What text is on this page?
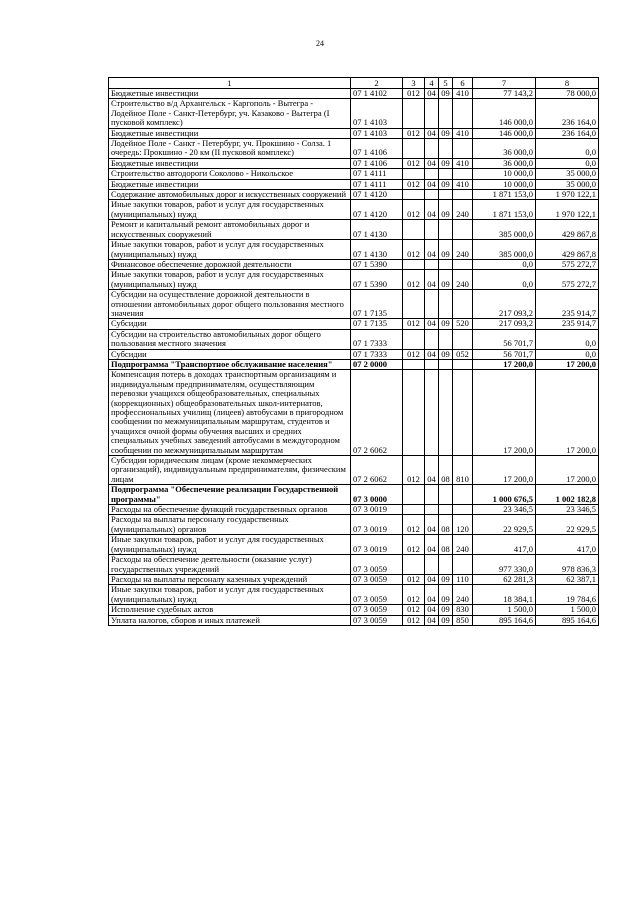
24
1	2	3	4	5	6	7	8
Бюджетные инвестиции	07 1 4102	012	04	09	410	77 143,2	78 000,0
Строительство в/д Архангельск - Каргополь - Вытегра - Лодейное Поле - Санкт-Петербург, уч. Казаково - Вытегра (I пусковой комплекс)	07 1 4103					146 000,0	236 164,0
Бюджетные инвестиции	07 1 4103	012	04	09	410	146 000,0	236 164,0
Лодейное Поле - Санкт - Петербург, уч. Прокшино - Солза. 1 очередь: Прокшино - 20 км (II пусковой комплекс)	07 1 4106					36 000,0	0,0
Бюджетные инвестиции	07 1 4106	012	04	09	410	36 000,0	0,0
Строительство автодороги Соколово - Никольское	07 1 4111					10 000,0	35 000,0
Бюджетные инвестиции	07 1 4111	012	04	09	410	10 000,0	35 000,0
Содержание автомобильных дорог и искусственных сооружений	07 1 4120					1 871 153,0	1 970 122,1
Иные закупки товаров, работ и услуг для государственных (муниципальных) нужд	07 1 4120	012	04	09	240	1 871 153,0	1 970 122,1
Ремонт и капитальный ремонт автомобильных дорог и искусственных сооружений	07 1 4130					385 000,0	429 867,8
Иные закупки товаров, работ и услуг для государственных (муниципальных) нужд	07 1 4130	012	04	09	240	385 000,0	429 867,8
Финансовое обеспечение дорожной деятельности	07 1 5390					0,0	575 272,7
Иные закупки товаров, работ и услуг для государственных (муниципальных) нужд	07 1 5390	012	04	09	240	0,0	575 272,7
Субсидии на осуществление дорожной деятельности в отношении автомобильных дорог общего пользования местного значения	07 1 7135					217 093,2	235 914,7
Субсидии	07 1 7135	012	04	09	520	217 093,2	235 914,7
Субсидии на строительство автомобильных дорог общего пользования местного значения	07 1 7333					56 701,7	0,0
Субсидии	07 1 7333	012	04	09	052	56 701,7	0,0
Подпрограмма "Транспортное обслуживание населения"	07 2 0000					17 200,0	17 200,0
Компенсация потерь в доходах транспортным организациям и индивидуальным предпринимателям, осуществляющим перевозки учащихся общеобразовательных, специальных (коррекционных) общеобразовательных школ-интернатов, профессиональных училищ (лицеев) автобусами в пригородном сообщении по межмуниципальным маршрутам, студентов и учащихся очной формы обучения высших и средних специальных учебных заведений автобусами в междугородном сообщении по межмуниципальным маршрутам	07 2 6062					17 200,0	17 200,0
Субсидии юридическим лицам (кроме некоммерческих организаций), индивидуальным предпринимателям, физическим лицам	07 2 6062	012	04	08	810	17 200,0	17 200,0
Подпрограмма "Обеспечение реализации Государственной программы"	07 3 0000					1 000 676,5	1 002 182,8
Расходы на обеспечение функций государственных органов	07 3 0019					23 346,5	23 346,5
Расходы на выплаты персоналу государственных (муниципальных) органов	07 3 0019	012	04	08	120	22 929,5	22 929,5
Иные закупки товаров, работ и услуг для государственных (муниципальных) нужд	07 3 0019	012	04	08	240	417,0	417,0
Расходы на обеспечение деятельности (оказание услуг) государственных учреждений	07 3 0059					977 330,0	978 836,3
Расходы на выплаты персоналу казенных учреждений	07 3 0059	012	04	09	110	62 281,3	62 387,1
Иные закупки товаров, работ и услуг для государственных (муниципальных) нужд	07 3 0059	012	04	09	240	18 384,1	19 784,6
Исполнение судебных актов	07 3 0059	012	04	09	830	1 500,0	1 500,0
Уплата налогов, сборов и иных платежей	07 3 0059	012	04	09	850	895 164,6	895 164,6
